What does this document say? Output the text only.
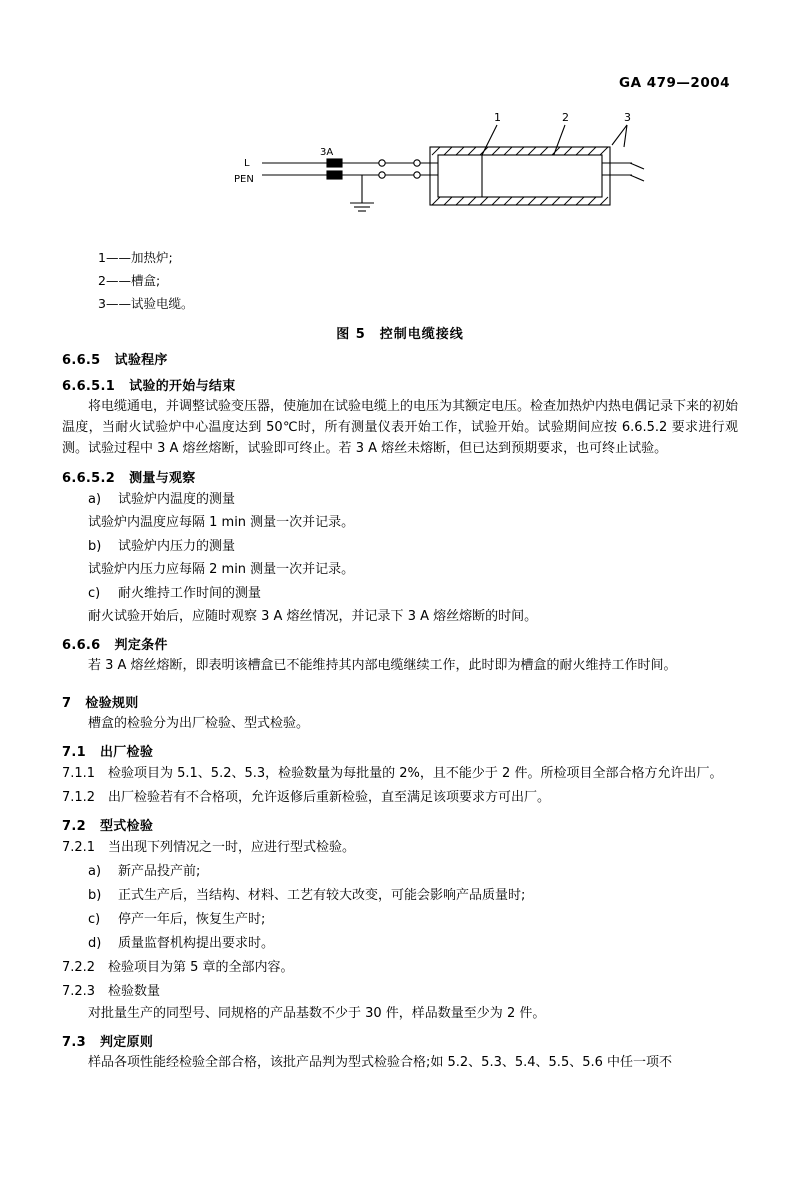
GA 479—2004
1	2	3
3A
L
PEN
1——加热炉;
2——槽盒;
3——试验电缆。
图 5　控制电缆接线
6.6.5 试验程序
6.6.5.1 试验的开始与结束
将电缆通电，并调整试验变压器，使施加在试验电缆上的电压为其额定电压。检查加热炉内热电偶记录下来的初始温度，当耐火试验炉中心温度达到 50℃时，所有测量仪表开始工作，试验开始。试验期间应按 6.6.5.2 要求进行观测。试验过程中 3 A 熔丝熔断，试验即可终止。若 3 A 熔丝未熔断，但已达到预期要求，也可终止试验。
6.6.5.2 测量与观察
a) 试验炉内温度的测量
试验炉内温度应每隔 1 min 测量一次并记录。
b) 试验炉内压力的测量
试验炉内压力应每隔 2 min 测量一次并记录。
c) 耐火维持工作时间的测量
耐火试验开始后，应随时观察 3 A 熔丝情况，并记录下 3 A 熔丝熔断的时间。
6.6.6 判定条件
若 3 A 熔丝熔断，即表明该槽盒已不能维持其内部电缆继续工作，此时即为槽盒的耐火维持工作时间。
7 检验规则
槽盒的检验分为出厂检验、型式检验。
7.1 出厂检验
7.1.1 检验项目为 5.1、5.2、5.3，检验数量为每批量的 2%，且不能少于 2 件。所检项目全部合格方允许出厂。
7.1.2 出厂检验若有不合格项，允许返修后重新检验，直至满足该项要求方可出厂。
7.2 型式检验
7.2.1 当出现下列情况之一时，应进行型式检验。
a) 新产品投产前;
b) 正式生产后，当结构、材料、工艺有较大改变，可能会影响产品质量时;
c) 停产一年后，恢复生产时;
d) 质量监督机构提出要求时。
7.2.2 检验项目为第 5 章的全部内容。
7.2.3 检验数量
对批量生产的同型号、同规格的产品基数不少于 30 件，样品数量至少为 2 件。
7.3 判定原则
样品各项性能经检验全部合格，该批产品判为型式检验合格;如 5.2、5.3、5.4、5.5、5.6 中任一项不
